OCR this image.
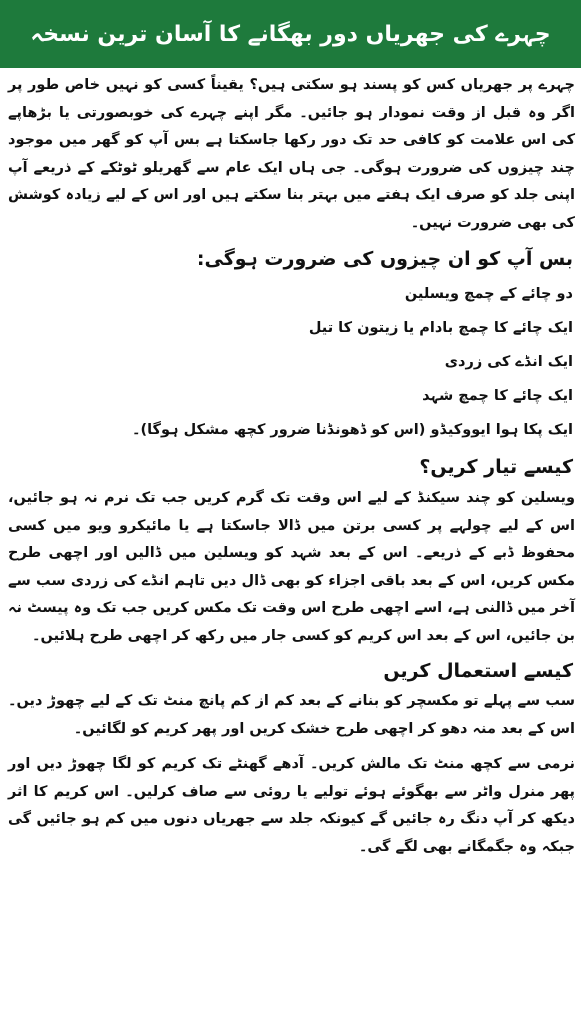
چہرے کی جھریاں دور بھگانے کا آسان ترین نسخہ

چہرے پر جھریاں کس کو پسند ہو سکتی ہیں؟ یقیناً کسی کو نہیں خاص طور پر اگر وہ قبل از وقت نمودار ہو جائیں۔ مگر اپنے چہرے کی خوبصورتی یا بڑھاپے کی اس علامت کو کافی حد تک دور رکھا جاسکتا ہے بس آپ کو گھر میں موجود چند چیزوں کی ضرورت ہوگی۔ جی ہاں ایک عام سے گھریلو ٹوٹکے کے ذریعے آپ اپنی جلد کو صرف ایک ہفتے میں بہتر بنا سکتے ہیں اور اس کے لیے زیادہ کوشش کی بھی ضرورت نہیں۔

بس آپ کو ان چیزوں کی ضرورت ہوگی:
دو چائے کے چمچ ویسلین
ایک چائے کا چمچ بادام یا زیتون کا تیل
ایک انڈے کی زردی
ایک چائے کا چمچ شہد
ایک پکا ہوا ایووکیڈو (اس کو ڈھونڈنا ضرور کچھ مشکل ہوگا)۔
کیسے تیار کریں؟

ویسلین کو چند سیکنڈ کے لیے اس وقت تک گرم کریں جب تک نرم نہ ہو جائیں، اس کے لیے چولہے پر کسی برتن میں ڈالا جاسکتا ہے یا مائیکرو ویو میں کسی محفوظ ڈبے کے ذریعے۔ اس کے بعد شہد کو ویسلین میں ڈالیں اور اچھی طرح مکس کریں، اس کے بعد باقی اجزاء کو بھی ڈال دیں تاہم انڈے کی زردی سب سے آخر میں ڈالنی ہے، اسے اچھی طرح اس وقت تک مکس کریں جب تک وہ پیسٹ نہ بن جائیں، اس کے بعد اس کریم کو کسی جار میں رکھ کر اچھی طرح ہلائیں۔

کیسے استعمال کریں

سب سے پہلے تو مکسچر کو بنانے کے بعد کم از کم پانچ منٹ تک کے لیے چھوڑ دیں۔ اس کے بعد منہ دھو کر اچھی طرح خشک کریں اور پھر کریم کو لگائیں۔

نرمی سے کچھ منٹ تک مالش کریں۔ آدھے گھنٹے تک کریم کو لگا چھوڑ دیں اور پھر منرل واٹر سے بھگوئے ہوئے تولیے یا روئی سے صاف کرلیں۔ اس کریم کا اثر دیکھ کر آپ دنگ رہ جائیں گے کیونکہ جلد سے جھریاں دنوں میں کم ہو جائیں گی جبکہ وہ جگمگانے بھی لگے گی۔
